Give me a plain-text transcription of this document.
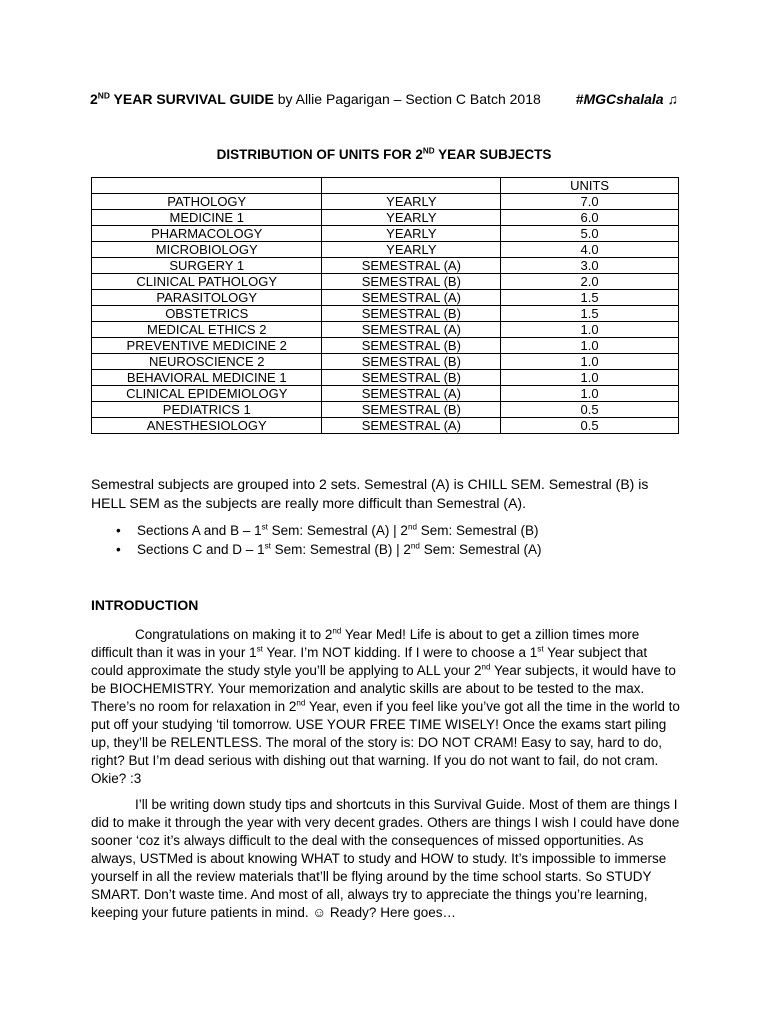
2ND YEAR SURVIVAL GUIDE by Allie Pagarigan – Section C Batch 2018 #MGCshalala ♫
DISTRIBUTION OF UNITS FOR 2ND YEAR SUBJECTS
		UNITS
PATHOLOGY	YEARLY	7.0
MEDICINE 1	YEARLY	6.0
PHARMACOLOGY	YEARLY	5.0
MICROBIOLOGY	YEARLY	4.0
SURGERY 1	SEMESTRAL (A)	3.0
CLINICAL PATHOLOGY	SEMESTRAL (B)	2.0
PARASITOLOGY	SEMESTRAL (A)	1.5
OBSTETRICS	SEMESTRAL (B)	1.5
MEDICAL ETHICS 2	SEMESTRAL (A)	1.0
PREVENTIVE MEDICINE 2	SEMESTRAL (B)	1.0
NEUROSCIENCE 2	SEMESTRAL (B)	1.0
BEHAVIORAL MEDICINE 1	SEMESTRAL (B)	1.0
CLINICAL EPIDEMIOLOGY	SEMESTRAL (A)	1.0
PEDIATRICS 1	SEMESTRAL (B)	0.5
ANESTHESIOLOGY	SEMESTRAL (A)	0.5
Semestral subjects are grouped into 2 sets. Semestral (A) is CHILL SEM. Semestral (B) is HELL SEM as the subjects are really more difficult than Semestral (A).
• Sections A and B – 1st Sem: Semestral (A) | 2nd Sem: Semestral (B)
• Sections C and D – 1st Sem: Semestral (B) | 2nd Sem: Semestral (A)
INTRODUCTION
Congratulations on making it to 2nd Year Med! Life is about to get a zillion times more difficult than it was in your 1st Year. I’m NOT kidding. If I were to choose a 1st Year subject that could approximate the study style you’ll be applying to ALL your 2nd Year subjects, it would have to be BIOCHEMISTRY. Your memorization and analytic skills are about to be tested to the max. There’s no room for relaxation in 2nd Year, even if you feel like you’ve got all the time in the world to put off your studying ‘til tomorrow. USE YOUR FREE TIME WISELY! Once the exams start piling up, they’ll be RELENTLESS. The moral of the story is: DO NOT CRAM! Easy to say, hard to do, right? But I’m dead serious with dishing out that warning. If you do not want to fail, do not cram. Okie? :3
I’ll be writing down study tips and shortcuts in this Survival Guide. Most of them are things I did to make it through the year with very decent grades. Others are things I wish I could have done sooner ‘coz it’s always difficult to the deal with the consequences of missed opportunities. As always, USTMed is about knowing WHAT to study and HOW to study. It’s impossible to immerse yourself in all the review materials that’ll be flying around by the time school starts. So STUDY SMART. Don’t waste time. And most of all, always try to appreciate the things you’re learning, keeping your future patients in mind. ☺ Ready? Here goes…
